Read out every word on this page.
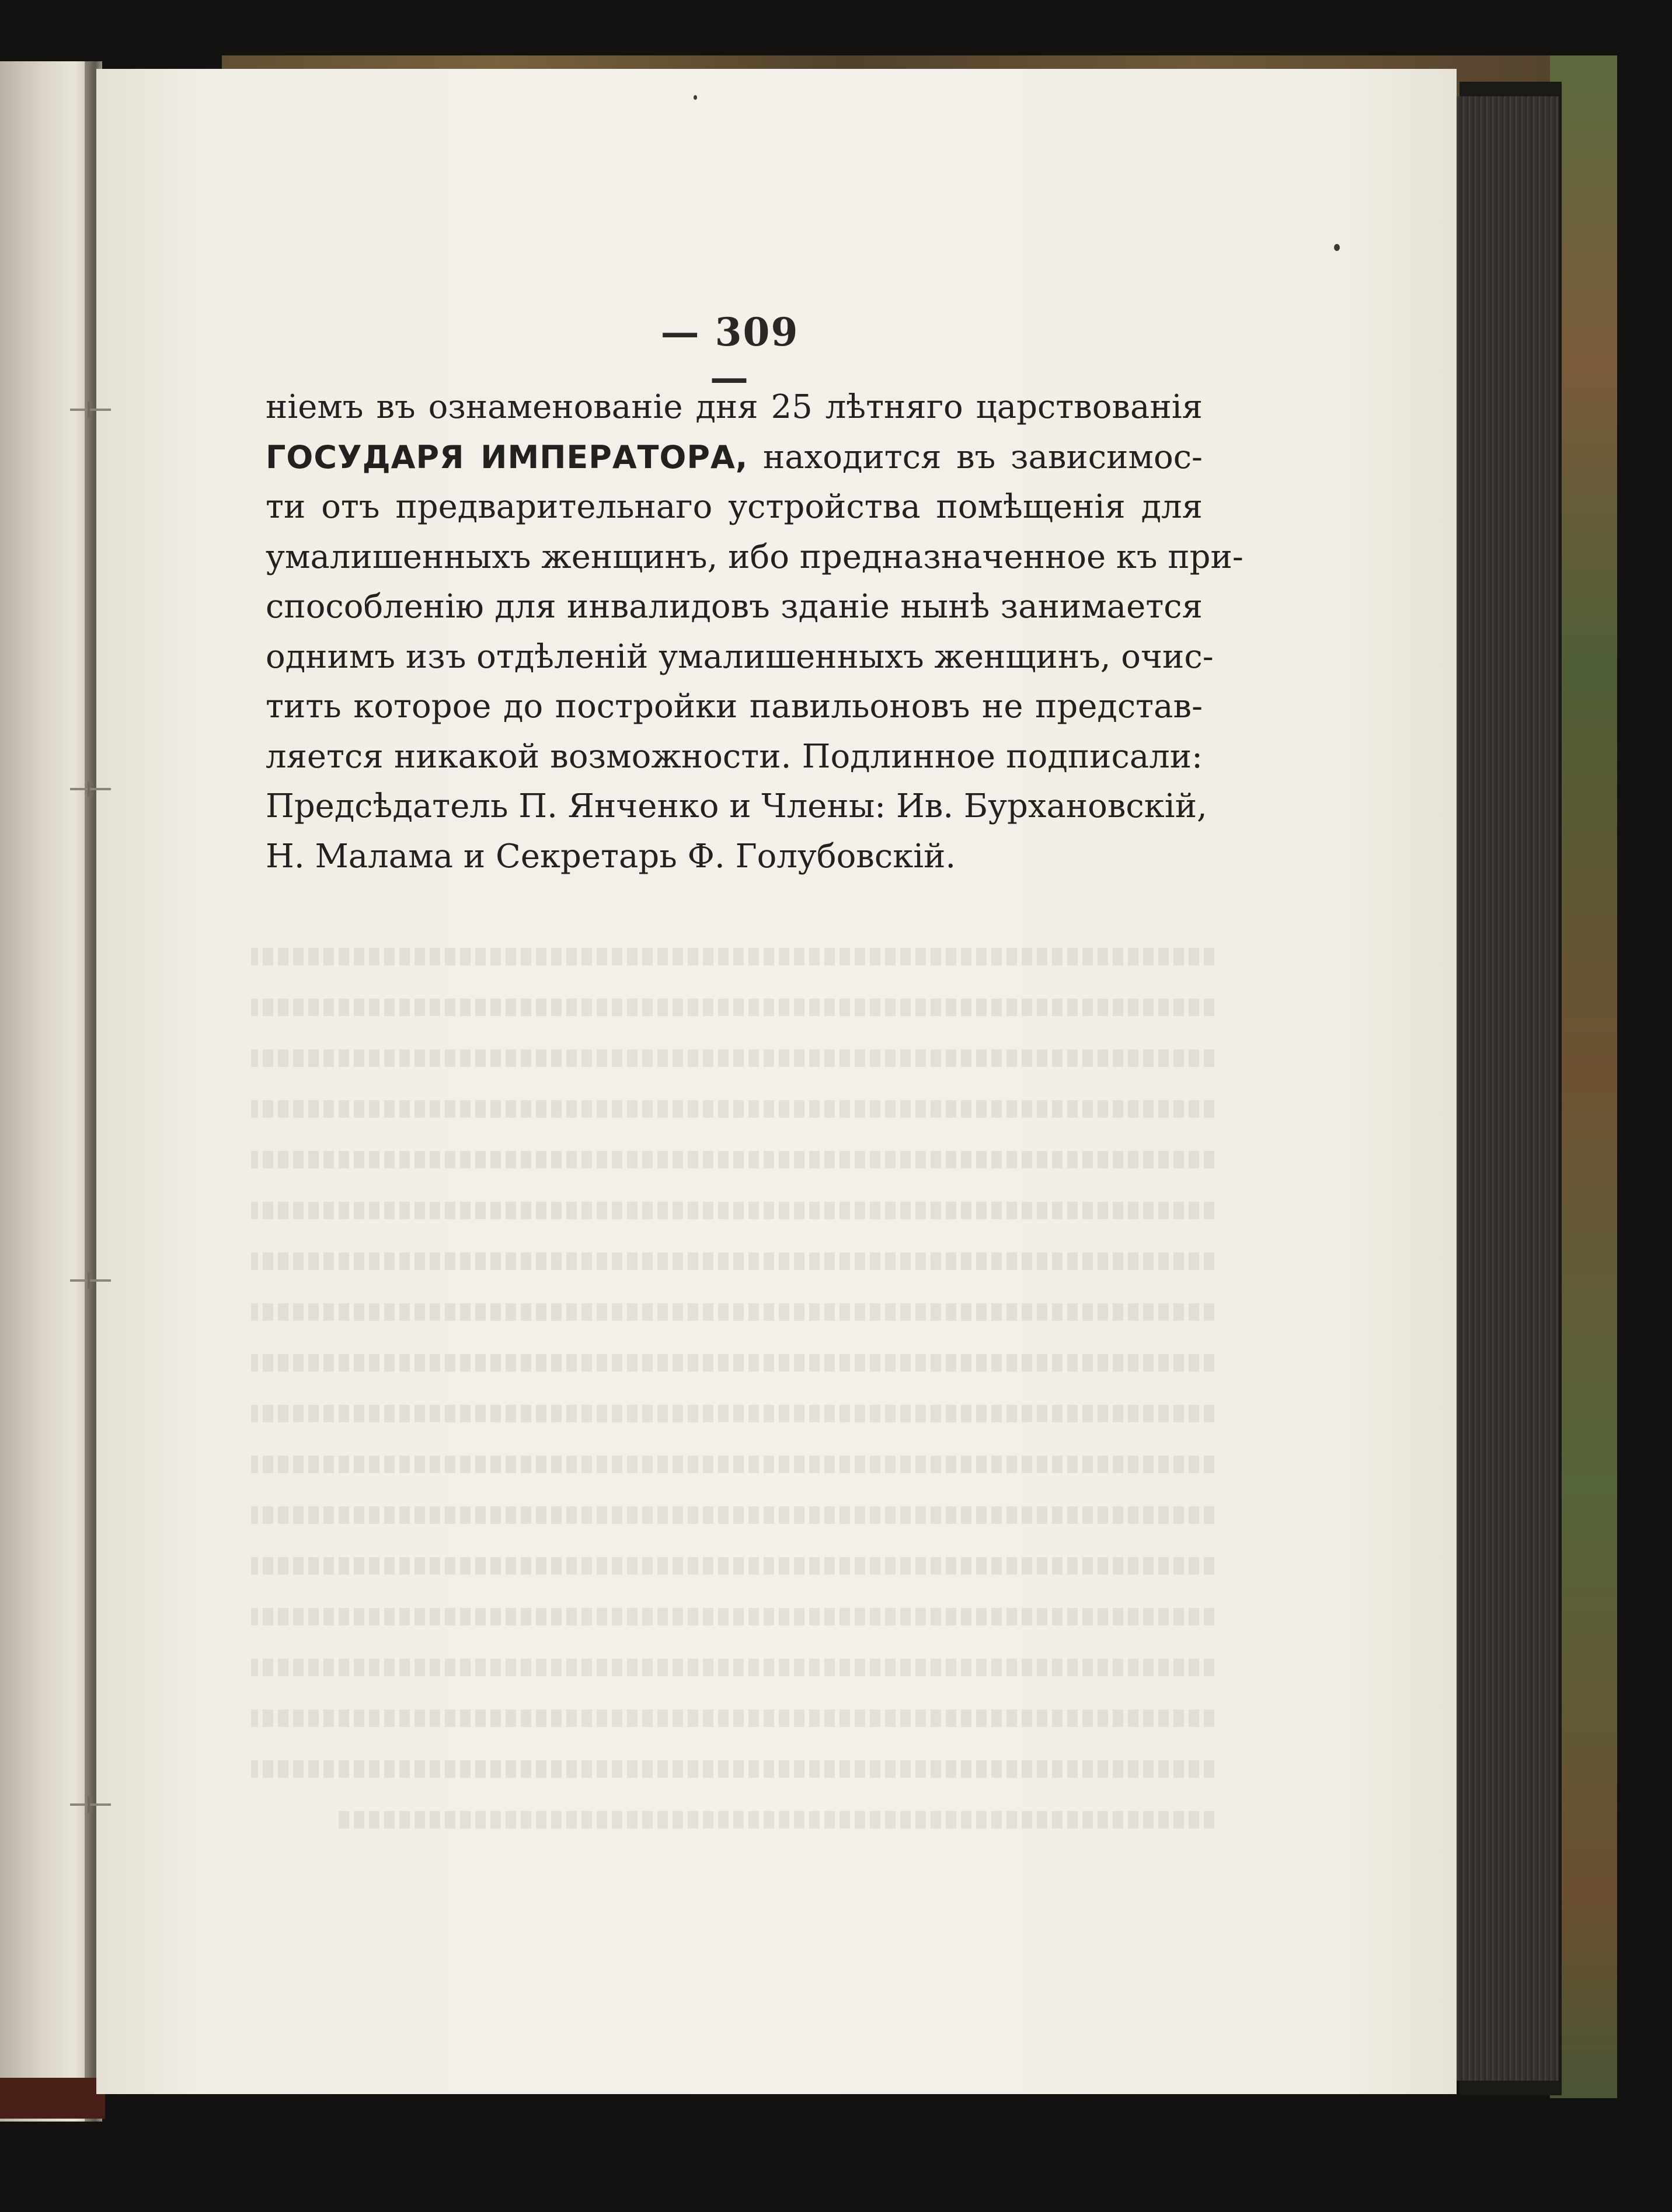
— 309 —
ніемъ въ ознаменованіе дня 25 лѣтняго царствованія
ГОСУДАРЯ ИМПЕРАТОРА, находится въ зависимос-
ти отъ предварительнаго устройства помѣщенія для
умалишенныхъ женщинъ, ибо предназначенное къ при-
способленію для инвалидовъ зданіе нынѣ занимается
однимъ изъ отдѣленій умалишенныхъ женщинъ, очис-
тить которое до постройки павильоновъ не представ-
ляется никакой возможности. Подлинное подписали:
Предсѣдатель П. Янченко и Члены: Ив. Бурхановскій,
Н. Малама и Секретарь Ф. Голубовскій.
